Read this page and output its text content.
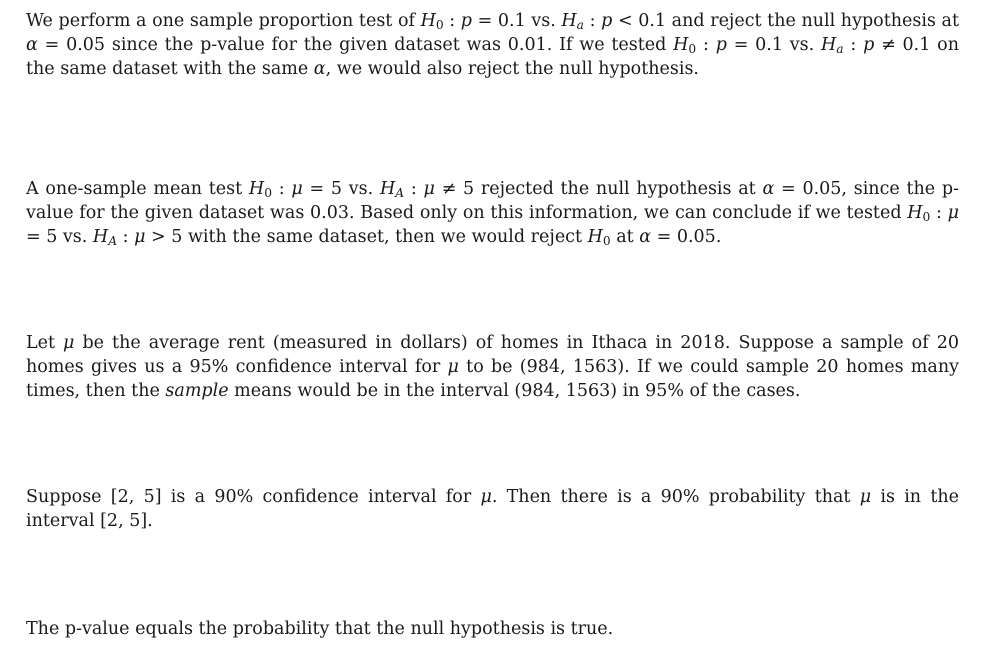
We perform a one sample proportion test of $H_0$ : p = 0.1 vs. $H_a$ : p < 0.1 and reject the null hypothesis at α = 0.05 since the p-value for the given dataset was 0.01. If we tested $H_0$ : p = 0.1 vs. $H_a$ : p ≠ 0.1 on the same dataset with the same α, we would also reject the null hypothesis.

A one-sample mean test $H_0$ : μ = 5 vs. $H_A$ : μ ≠ 5 rejected the null hypothesis at α = 0.05, since the p-value for the given dataset was 0.03. Based only on this information, we can conclude if we tested $H_0$ : μ = 5 vs. $H_A$ : μ > 5 with the same dataset, then we would reject $H_0$ at α = 0.05.

Let μ be the average rent (measured in dollars) of homes in Ithaca in 2018. Suppose a sample of 20 homes gives us a 95% confidence interval for μ to be (984, 1563). If we could sample 20 homes many times, then the sample means would be in the interval (984, 1563) in 95% of the cases.

Suppose [2, 5] is a 90% confidence interval for μ. Then there is a 90% probability that μ is in the interval [2, 5].

The p-value equals the probability that the null hypothesis is true.
